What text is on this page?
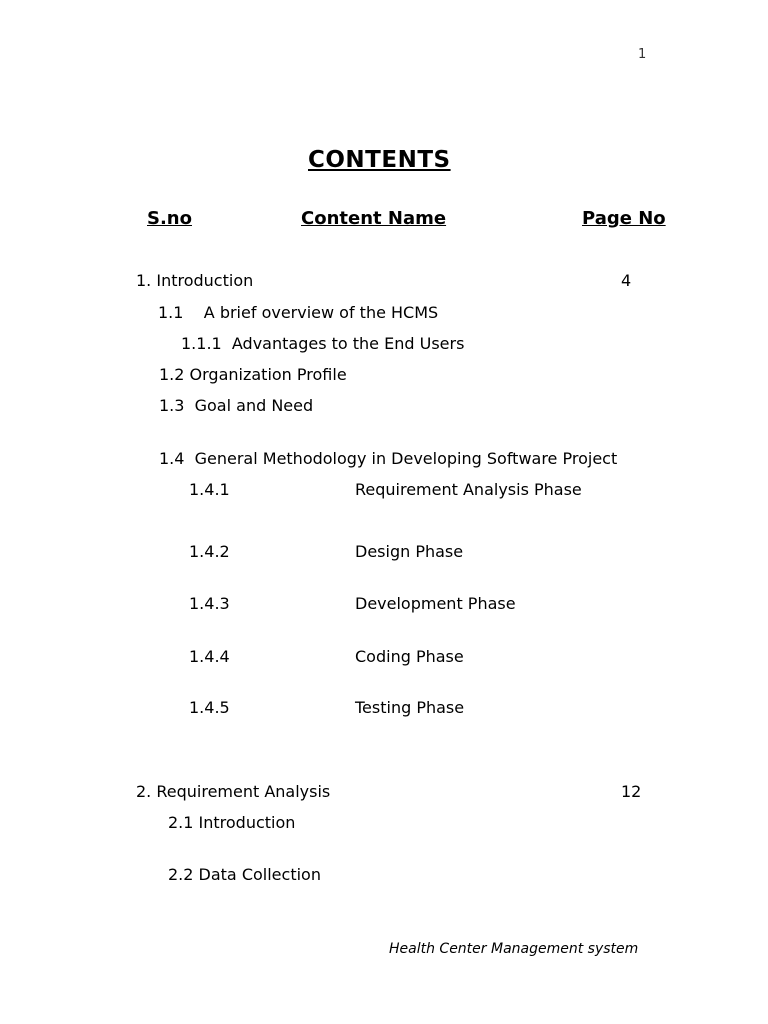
1
CONTENTS
S.no	Content Name	Page No
1. Introduction	4
1.1    A brief overview of the HCMS
1.1.1  Advantages to the End Users
1.2 Organization Profile
1.3  Goal and Need
1.4  General Methodology in Developing Software Project
1.4.1	Requirement Analysis Phase
1.4.2	Design Phase
1.4.3	Development Phase
1.4.4	Coding Phase
1.4.5	Testing Phase
2. Requirement Analysis	12
2.1 Introduction
2.2 Data Collection
Health Center Management system
